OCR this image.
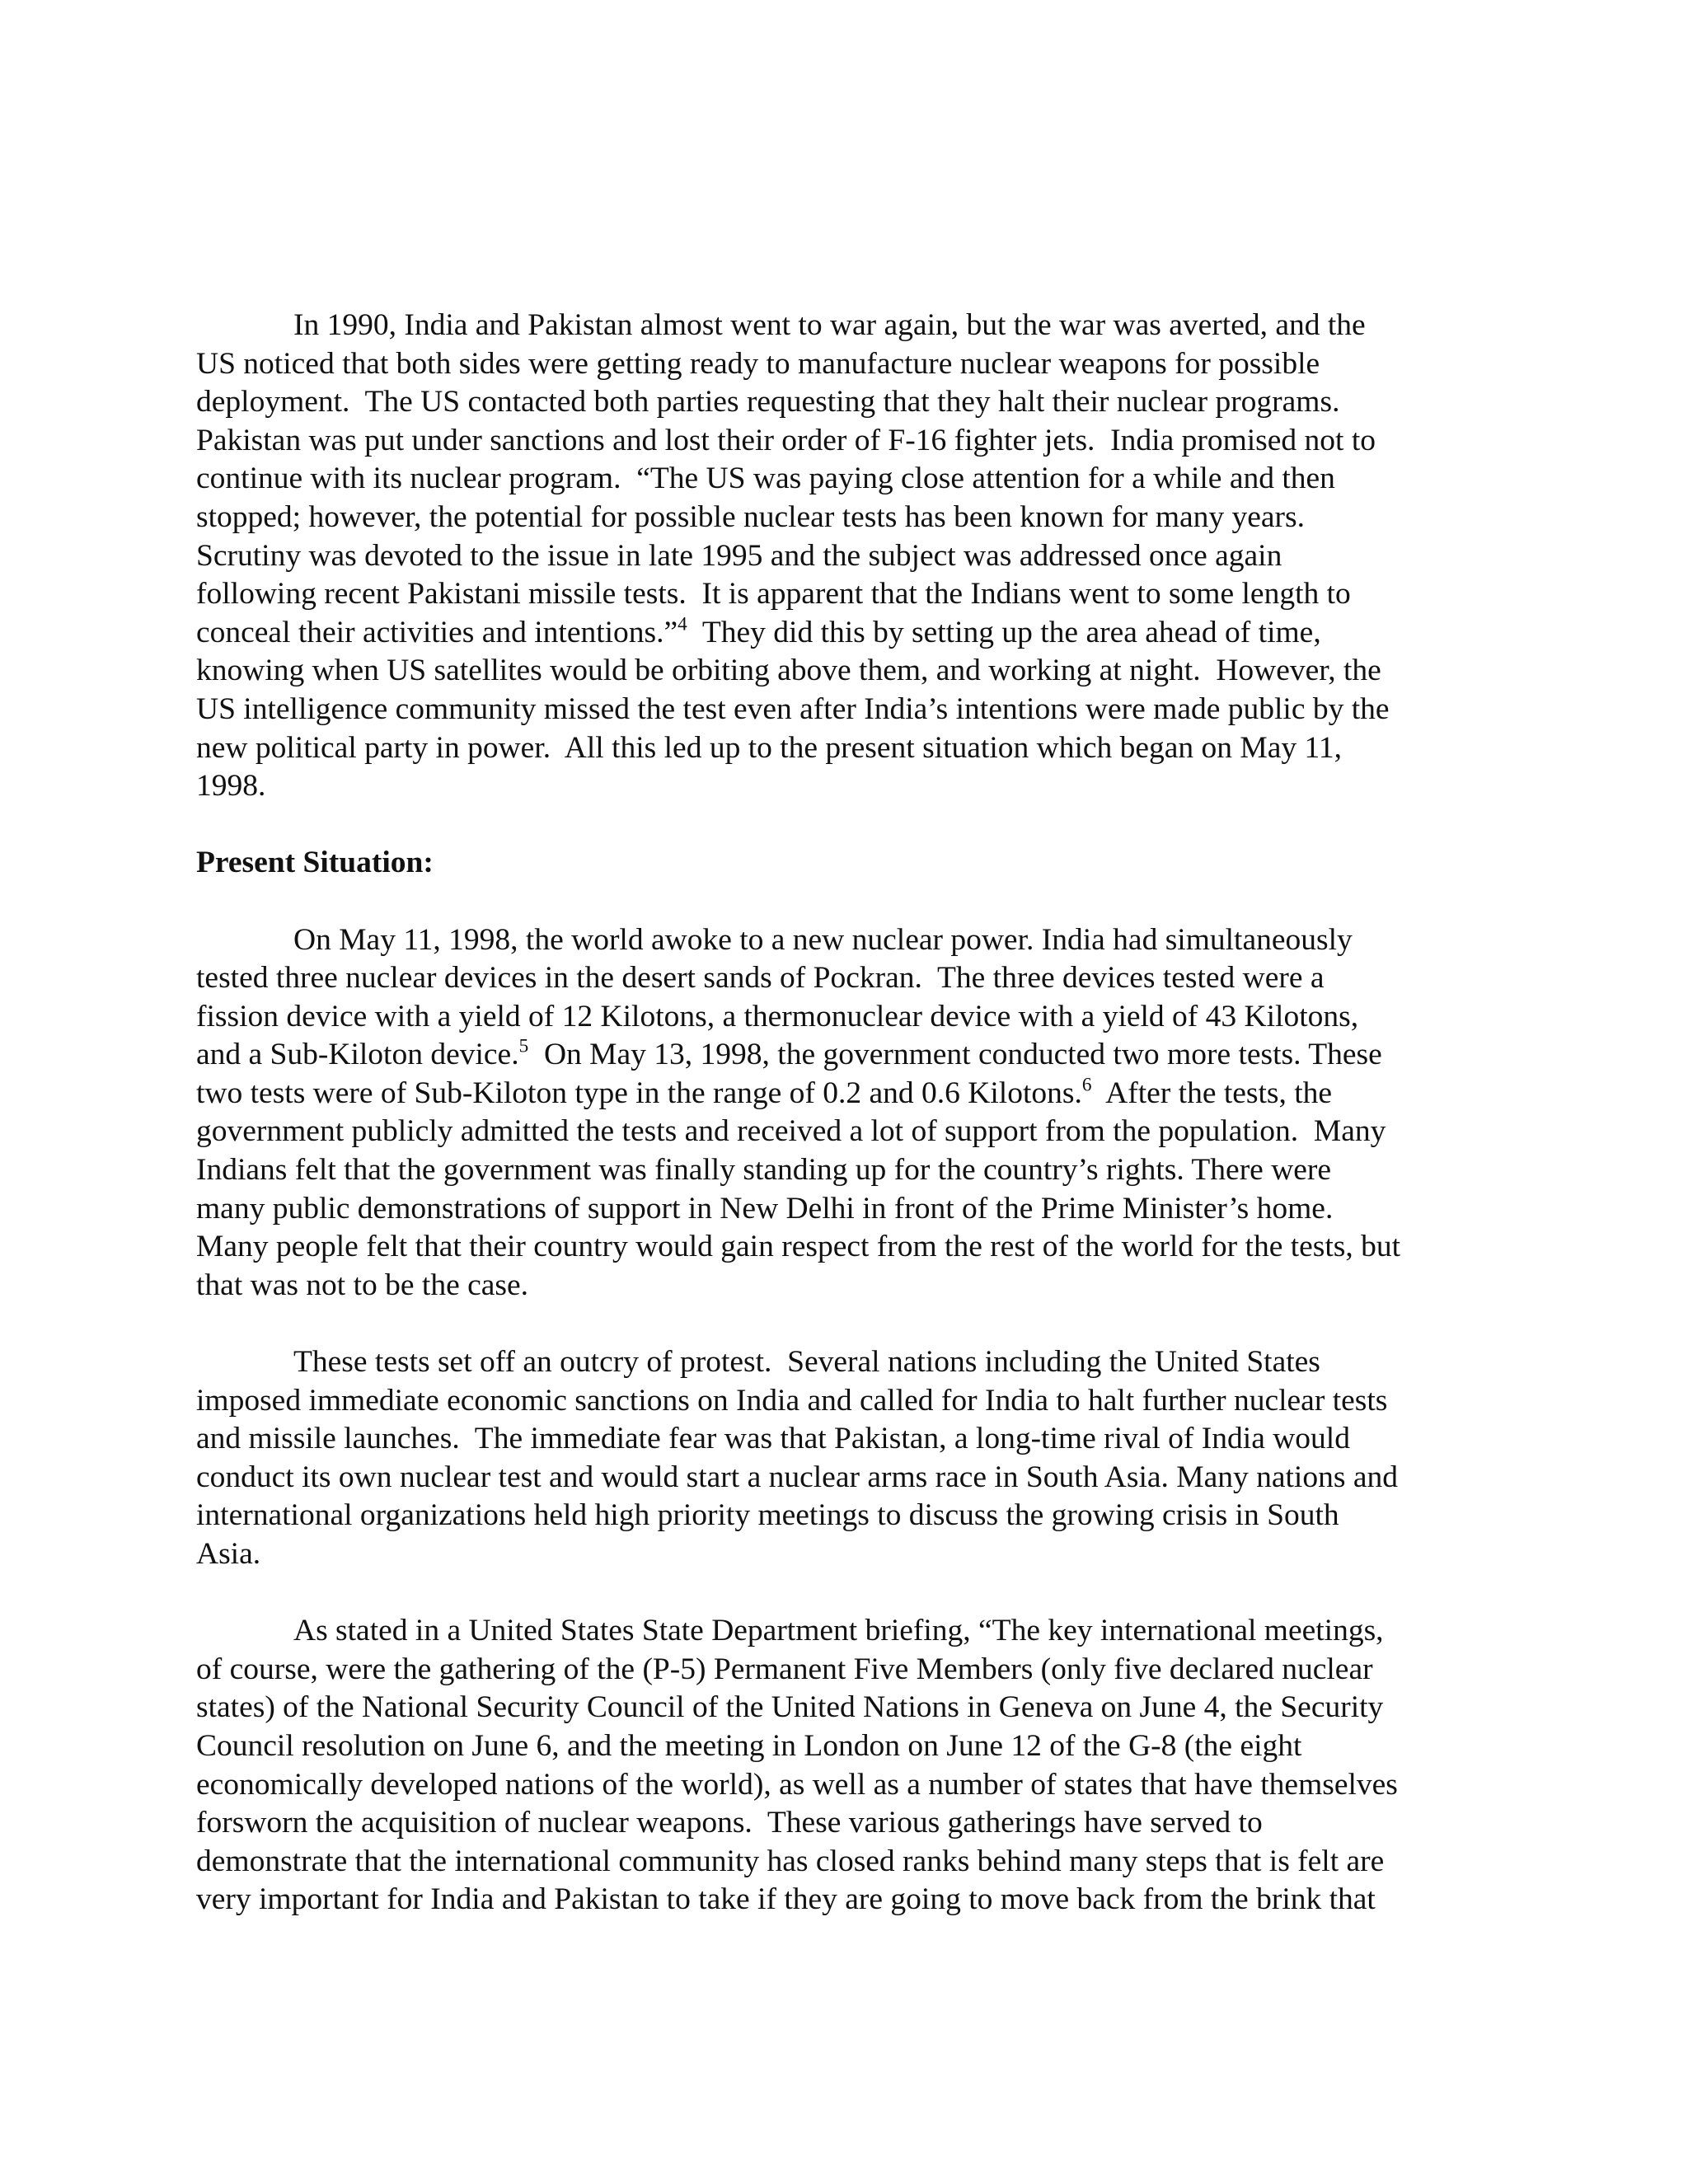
In 1990, India and Pakistan almost went to war again, but the war was averted, and the
US noticed that both sides were getting ready to manufacture nuclear weapons for possible
deployment.  The US contacted both parties requesting that they halt their nuclear programs.
Pakistan was put under sanctions and lost their order of F-16 fighter jets.  India promised not to
continue with its nuclear program.  “The US was paying close attention for a while and then
stopped; however, the potential for possible nuclear tests has been known for many years.
Scrutiny was devoted to the issue in late 1995 and the subject was addressed once again
following recent Pakistani missile tests.  It is apparent that the Indians went to some length to
conceal their activities and intentions.”$^4$  They did this by setting up the area ahead of time,
knowing when US satellites would be orbiting above them, and working at night.  However, the
US intelligence community missed the test even after India’s intentions were made public by the
new political party in power.  All this led up to the present situation which began on May 11,
1998.
Present Situation:
On May 11, 1998, the world awoke to a new nuclear power. India had simultaneously
tested three nuclear devices in the desert sands of Pockran.  The three devices tested were a
fission device with a yield of 12 Kilotons, a thermonuclear device with a yield of 43 Kilotons,
and a Sub-Kiloton device.$^5$  On May 13, 1998, the government conducted two more tests. These
two tests were of Sub-Kiloton type in the range of 0.2 and 0.6 Kilotons.$^6$  After the tests, the
government publicly admitted the tests and received a lot of support from the population.  Many
Indians felt that the government was finally standing up for the country’s rights. There were
many public demonstrations of support in New Delhi in front of the Prime Minister’s home.
Many people felt that their country would gain respect from the rest of the world for the tests, but
that was not to be the case.
These tests set off an outcry of protest.  Several nations including the United States
imposed immediate economic sanctions on India and called for India to halt further nuclear tests
and missile launches.  The immediate fear was that Pakistan, a long-time rival of India would
conduct its own nuclear test and would start a nuclear arms race in South Asia. Many nations and
international organizations held high priority meetings to discuss the growing crisis in South
Asia.
As stated in a United States State Department briefing, “The key international meetings,
of course, were the gathering of the (P-5) Permanent Five Members (only five declared nuclear
states) of the National Security Council of the United Nations in Geneva on June 4, the Security
Council resolution on June 6, and the meeting in London on June 12 of the G-8 (the eight
economically developed nations of the world), as well as a number of states that have themselves
forsworn the acquisition of nuclear weapons.  These various gatherings have served to
demonstrate that the international community has closed ranks behind many steps that is felt are
very important for India and Pakistan to take if they are going to move back from the brink that
